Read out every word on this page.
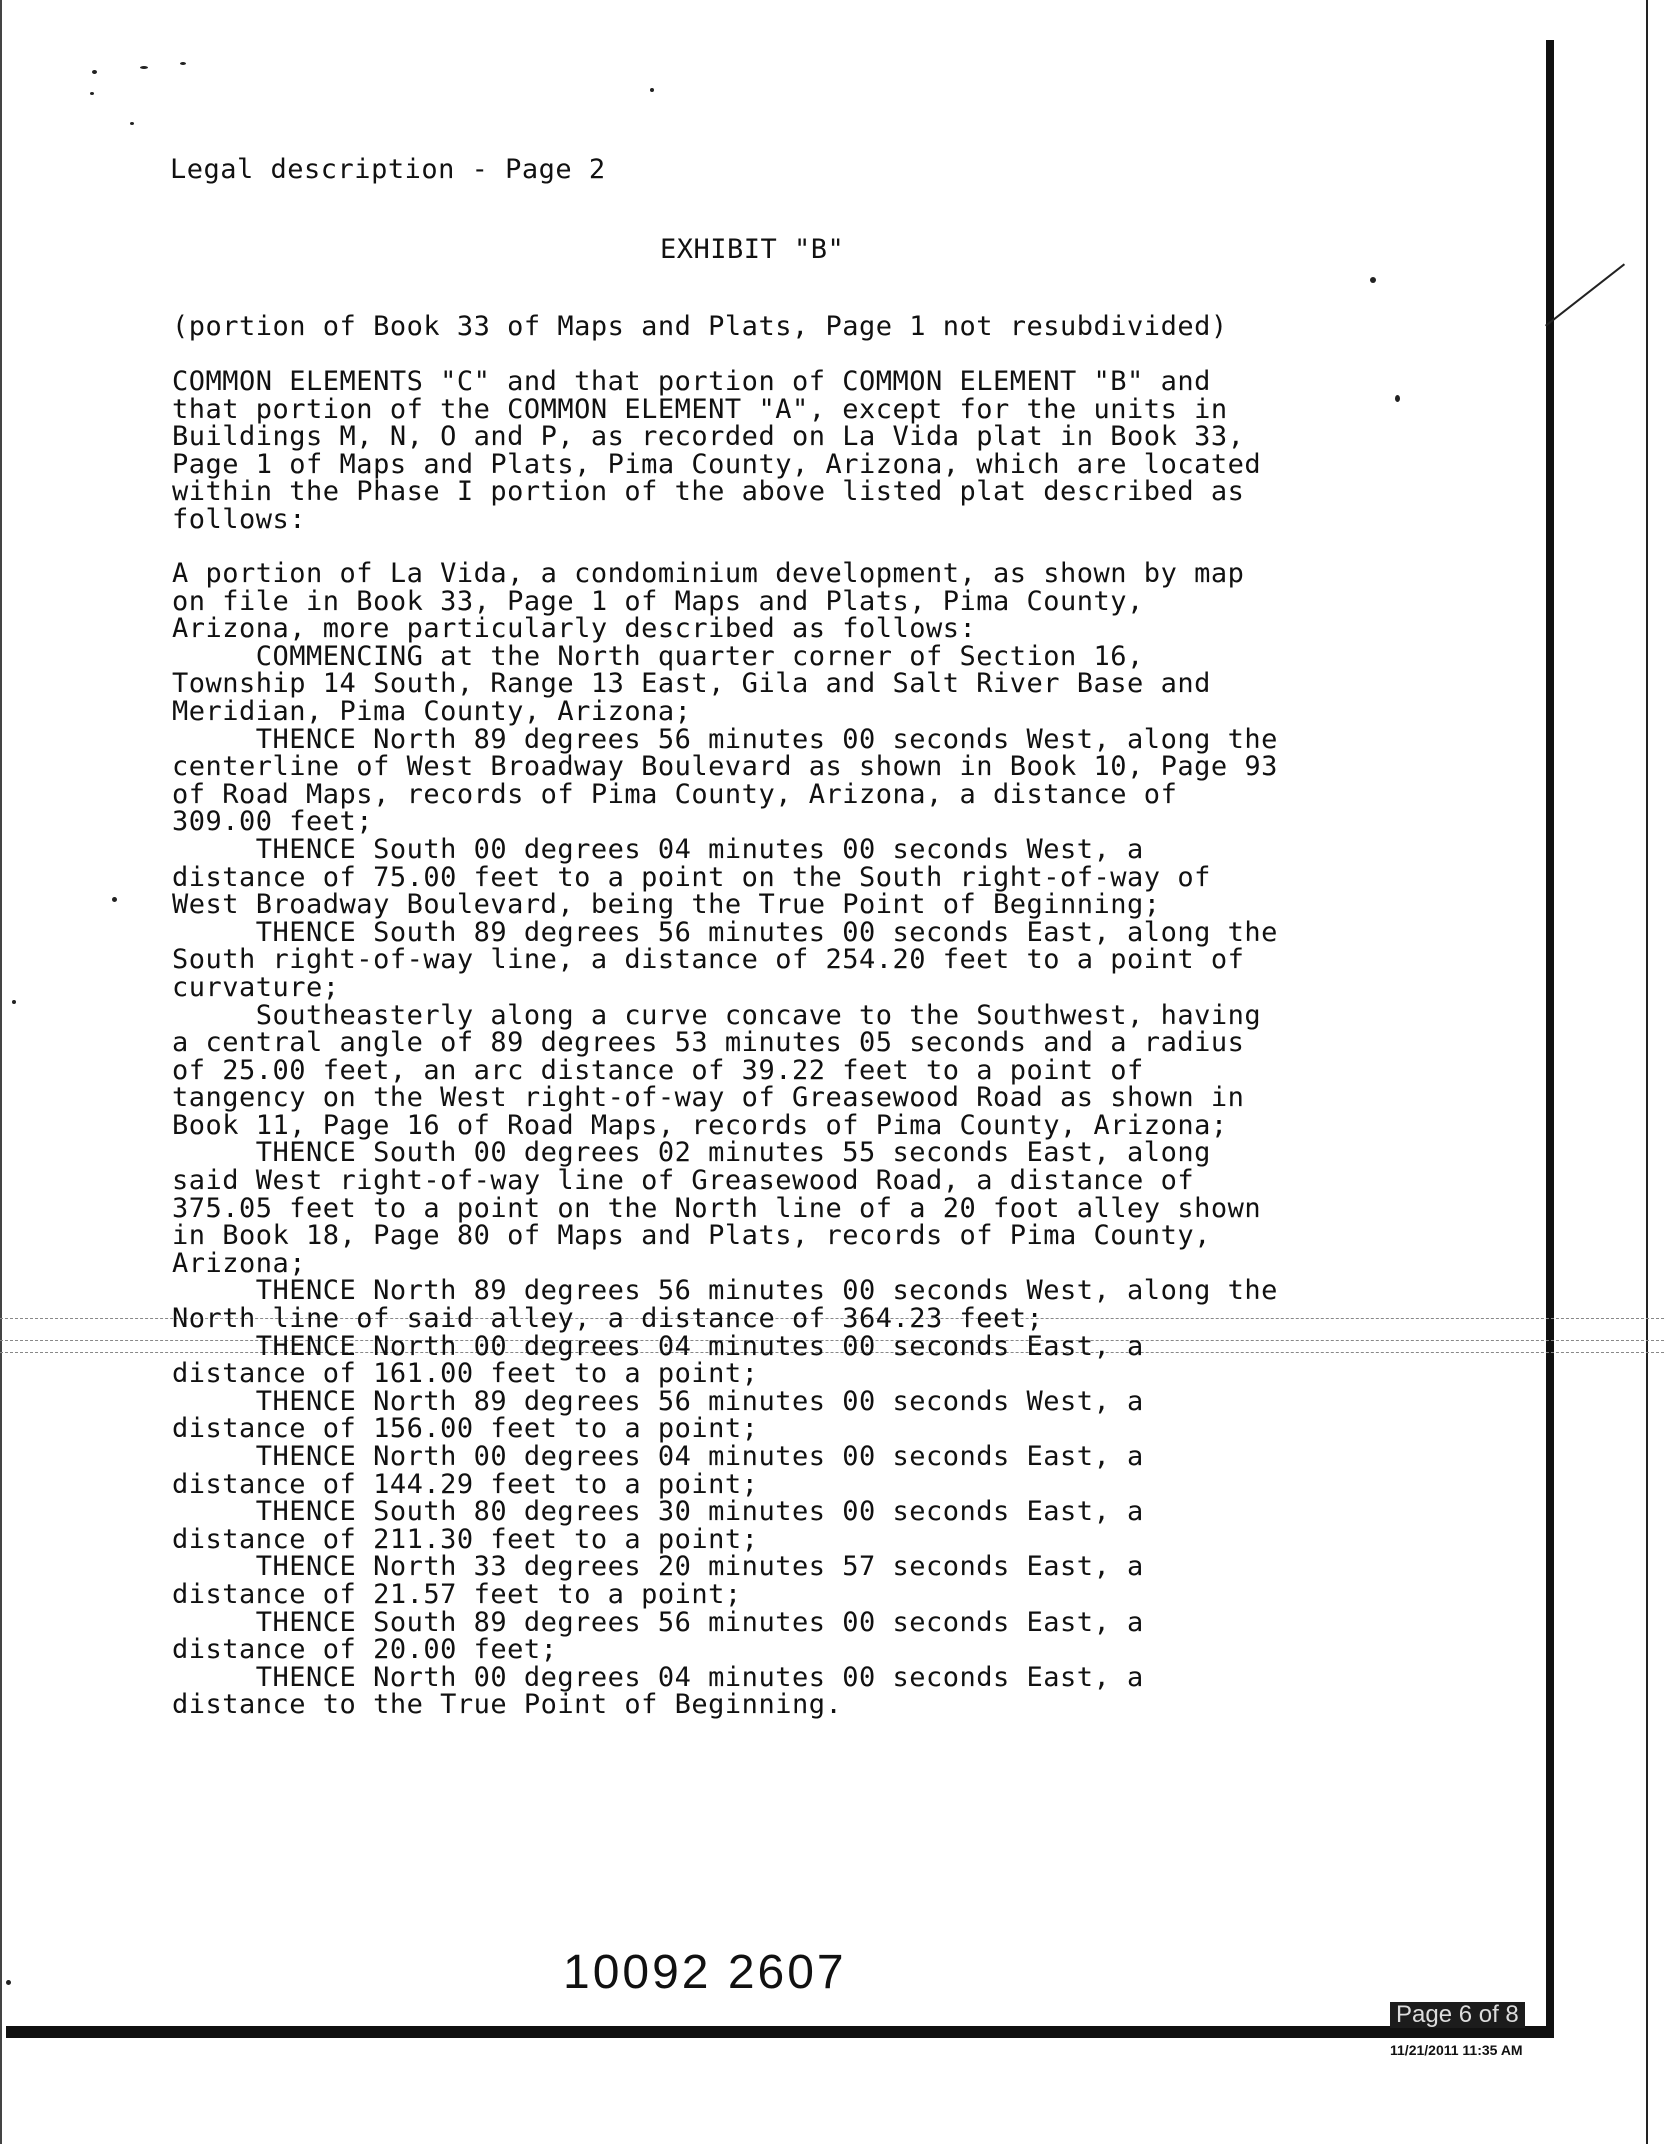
Legal description - Page 2
EXHIBIT "B"
(portion of Book 33 of Maps and Plats, Page 1 not resubdivided)
COMMON ELEMENTS "C" and that portion of COMMON ELEMENT "B" and
that portion of the COMMON ELEMENT "A", except for the units in
Buildings M, N, O and P, as recorded on La Vida plat in Book 33,
Page 1 of Maps and Plats, Pima County, Arizona, which are located
within the Phase I portion of the above listed plat described as
follows:
A portion of La Vida, a condominium development, as shown by map
on file in Book 33, Page 1 of Maps and Plats, Pima County,
Arizona, more particularly described as follows:
COMMENCING at the North quarter corner of Section 16,
Township 14 South, Range 13 East, Gila and Salt River Base and
Meridian, Pima County, Arizona;
THENCE North 89 degrees 56 minutes 00 seconds West, along the
centerline of West Broadway Boulevard as shown in Book 10, Page 93
of Road Maps, records of Pima County, Arizona, a distance of
309.00 feet;
THENCE South 00 degrees 04 minutes 00 seconds West, a
distance of 75.00 feet to a point on the South right-of-way of
West Broadway Boulevard, being the True Point of Beginning;
THENCE South 89 degrees 56 minutes 00 seconds East, along the
South right-of-way line, a distance of 254.20 feet to a point of
curvature;
Southeasterly along a curve concave to the Southwest, having
a central angle of 89 degrees 53 minutes 05 seconds and a radius
of 25.00 feet, an arc distance of 39.22 feet to a point of
tangency on the West right-of-way of Greasewood Road as shown in
Book 11, Page 16 of Road Maps, records of Pima County, Arizona;
THENCE South 00 degrees 02 minutes 55 seconds East, along
said West right-of-way line of Greasewood Road, a distance of
375.05 feet to a point on the North line of a 20 foot alley shown
in Book 18, Page 80 of Maps and Plats, records of Pima County,
Arizona;
THENCE North 89 degrees 56 minutes 00 seconds West, along the
North line of said alley, a distance of 364.23 feet;
THENCE North 00 degrees 04 minutes 00 seconds East, a
distance of 161.00 feet to a point;
THENCE North 89 degrees 56 minutes 00 seconds West, a
distance of 156.00 feet to a point;
THENCE North 00 degrees 04 minutes 00 seconds East, a
distance of 144.29 feet to a point;
THENCE South 80 degrees 30 minutes 00 seconds East, a
distance of 211.30 feet to a point;
THENCE North 33 degrees 20 minutes 57 seconds East, a
distance of 21.57 feet to a point;
THENCE South 89 degrees 56 minutes 00 seconds East, a
distance of 20.00 feet;
THENCE North 00 degrees 04 minutes 00 seconds East, a
distance to the True Point of Beginning.
10092 2607
Page 6 of 8
11/21/2011 11:35 AM
